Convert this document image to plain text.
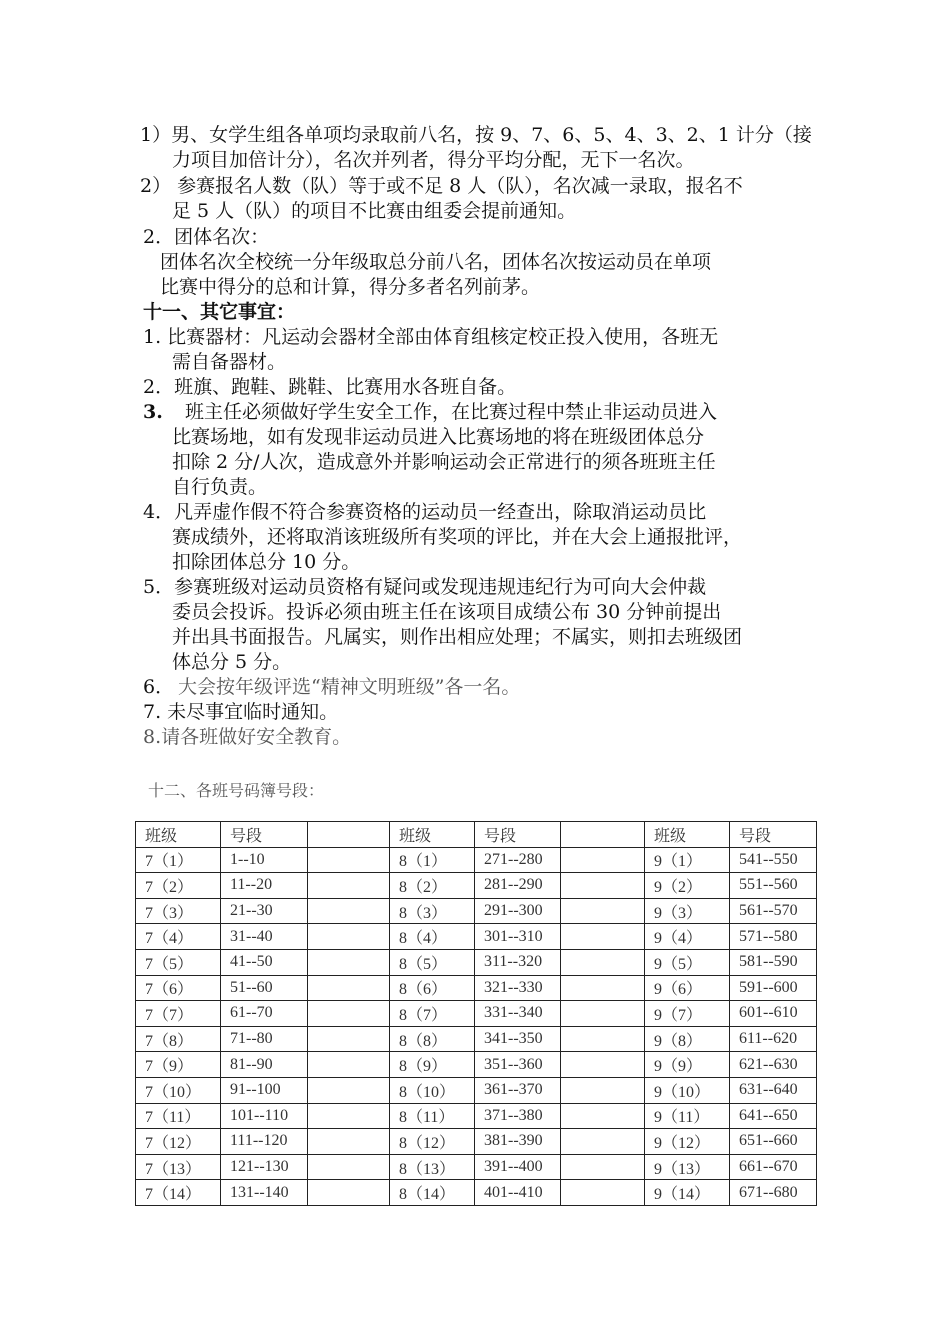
1）男、女学生组各单项均录取前八名，按 9、7、6、5、4、3、2、1 计分（接
力项目加倍计分），名次并列者，得分平均分配，无下一名次。
2） 参赛报名人数（队）等于或不足 8 人（队），名次减一录取，报名不
足 5 人（队）的项目不比赛由组委会提前通知。
2．团体名次：
团体名次全校统一分年级取总分前八名，团体名次按运动员在单项
比赛中得分的总和计算，得分多者名列前茅。
十一、其它事宜：
1. 比赛器材：凡运动会器材全部由体育组核定校正投入使用，各班无
需自备器材。
2．班旗、跑鞋、跳鞋、比赛用水各班自备。
3. 班主任必须做好学生安全工作，在比赛过程中禁止非运动员进入
比赛场地，如有发现非运动员进入比赛场地的将在班级团体总分
扣除 2 分/人次，造成意外并影响运动会正常进行的须各班班主任
自行负责。
4．凡弄虚作假不符合参赛资格的运动员一经查出，除取消运动员比
赛成绩外，还将取消该班级所有奖项的评比，并在大会上通报批评，
扣除团体总分 10 分。
5．参赛班级对运动员资格有疑问或发现违规违纪行为可向大会仲裁
委员会投诉。投诉必须由班主任在该项目成绩公布 30 分钟前提出
并出具书面报告。凡属实，则作出相应处理；不属实，则扣去班级团
体总分 5 分。
6． 大会按年级评选“精神文明班级”各一名。
7. 未尽事宜临时通知。
8.请各班做好安全教育。
十二、各班号码簿号段：
班级	号段		班级	号段		班级	号段
7（1）	1--10		8（1）	271--280		9（1）	541--550
7（2）	11--20		8（2）	281--290		9（2）	551--560
7（3）	21--30		8（3）	291--300		9（3）	561--570
7（4）	31--40		8（4）	301--310		9（4）	571--580
7（5）	41--50		8（5）	311--320		9（5）	581--590
7（6）	51--60		8（6）	321--330		9（6）	591--600
7（7）	61--70		8（7）	331--340		9（7）	601--610
7（8）	71--80		8（8）	341--350		9（8）	611--620
7（9）	81--90		8（9）	351--360		9（9）	621--630
7（10）	91--100		8（10）	361--370		9（10）	631--640
7（11）	101--110		8（11）	371--380		9（11）	641--650
7（12）	111--120		8（12）	381--390		9（12）	651--660
7（13）	121--130		8（13）	391--400		9（13）	661--670
7（14）	131--140		8（14）	401--410		9（14）	671--680
